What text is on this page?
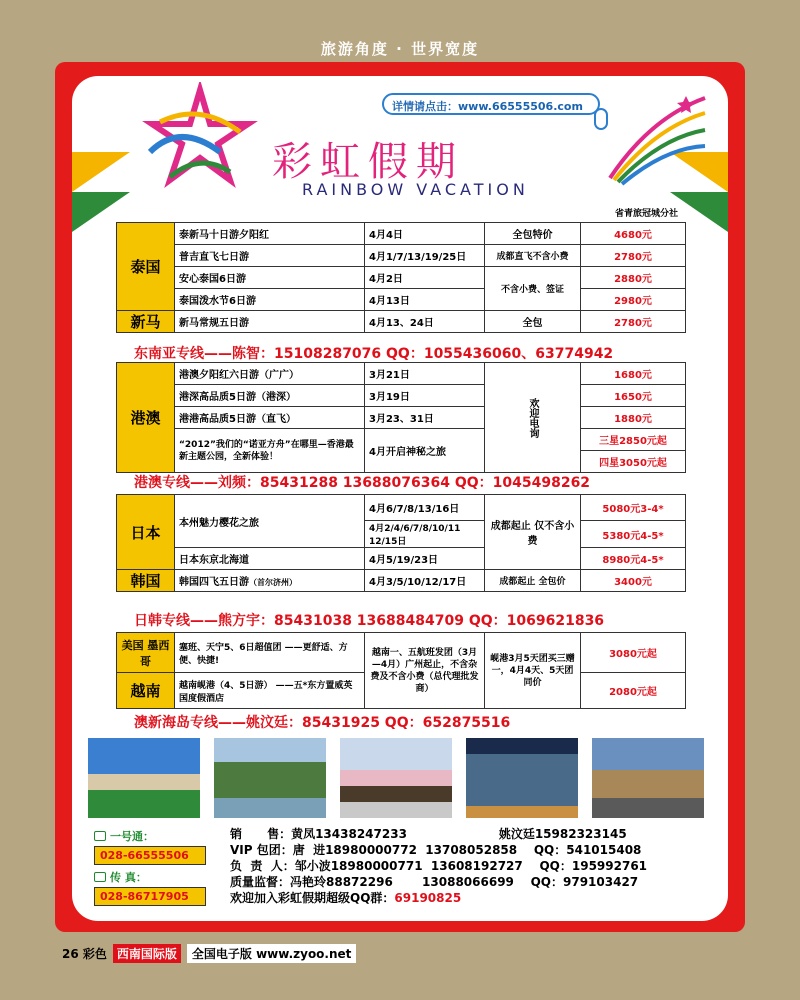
旅游角度 · 世界宽度
彩虹假期
RAINBOW VACATION
详情请点击：www.66555506.com
省青旅冠城分社
泰国	泰新马十日游夕阳红	4月4日	全包特价	4680元
	普吉直飞七日游	4月1/7/13/19/25日	成都直飞不含小费	2780元
	安心泰国6日游	4月2日	不含小费、签证	2880元
	泰国泼水节6日游	4月13日		2980元
新马	新马常规五日游	4月13、24日	全包	2780元
东南亚专线——陈智：15108287076 QQ：1055436060、63774942
港澳	港澳夕阳红六日游（广广）	3月21日	欢迎电询	1680元
	港深高品质5日游（港深）	3月19日		1650元
	港港高品质5日游（直飞）	3月23、31日		1880元
	“2012”我们的“诺亚方舟”在哪里—香港最新主题公园，全新体验！	4月开启神秘之旅		三星2850元起
				四星3050元起
港澳专线——刘频：85431288 13688076364 QQ：1045498262
日本	本州魅力樱花之旅	4月6/7/8/13/16日	成都起止 仅不含小费	5080元3-4*
		4月2/4/6/7/8/10/11 12/15日		5380元4-5*
	日本东京北海道	4月5/19/23日		8980元4-5*
韩国	韩国四飞五日游（首尔济州）	4月3/5/10/12/17日	成都起止 全包价	3400元
日韩专线——熊方宇：85431038 13688484709 QQ：1069621836
美国 墨西哥	塞班、天宁5、6日超值团 ——更舒适、方便、快捷!	越南一、五航班发团（3月—4月）广州起止，不含杂费及不含小费（总代理批发商）	岘港3月5天团买三赠一，4月4天、5天团同价	3080元起
越南	越南岘港（4、5日游） ——五*东方置威英国度假酒店			2080元起
澳新海岛专线——姚汶廷：85431925 QQ：652875516
一号通：
028-66555506
传 真：
028-86717905
销      售：黄凤13438247233                      姚汶廷15982323145
VIP 包团：唐  进18980000772  13708052858    QQ：541015408
负  责  人：邹小波18980000771  13608192727    QQ：195992761
质量监督：冯艳玲88872296       13088066699    QQ：979103427
欢迎加入彩虹假期超级QQ群：69190825
26 彩色 西南国际版	全国电子版 www.zyoo.net
